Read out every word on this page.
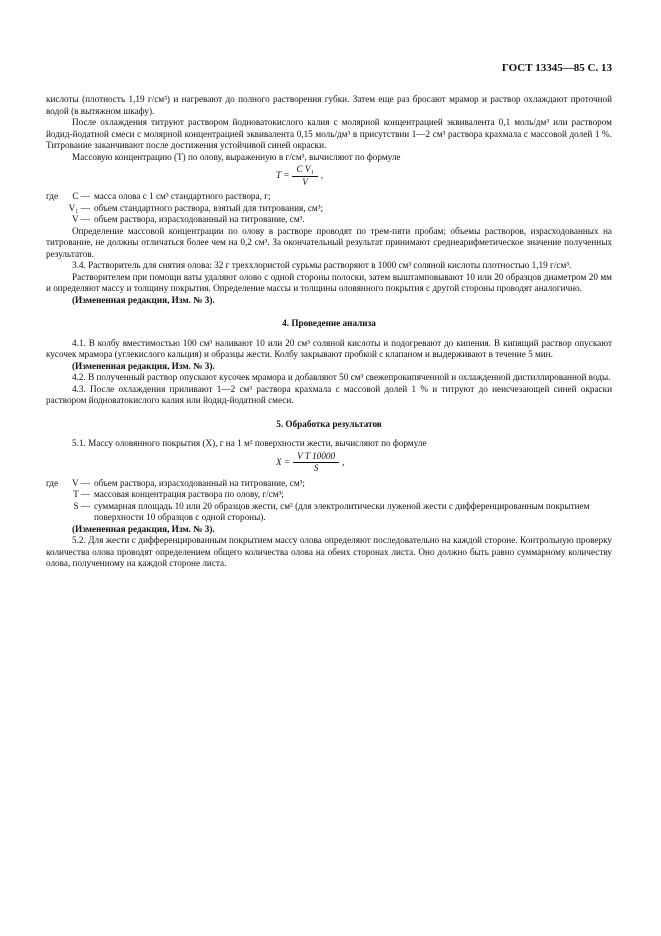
ГОСТ 13345—85 С. 13

кислоты (плотность 1,19 г/см³) и нагревают до полного растворения губки. Затем еще раз бросают мрамор и раствор охлаждают проточной водой (в вытяжном шкафу).

После охлаждения титруют раствором йодноватокислого калия с молярной концентрацией эквивалента 0,1 моль/дм³ или раствором йодид-йодатной смеси с молярной концентрацией эквивалента 0,15 моль/дм³ в присутствии 1—2 см³ раствора крахмала с массовой долей 1 %. Титрование заканчивают после достижения устойчивой синей окраски.

Массовую концентрацию (T) по олову, выраженную в г/см³, вычисляют по формуле

$T = \frac{\text{C V₁}}{V}$ ,
где	C — масса олова с 1 см³ стандартного раствора, г;
V₁ — объем стандартного раствора, взятый для титрования, см³;
V — объем раствора, израсходованный на титрование, см³.

Определение массовой концентрации по олову в растворе проводят по трем-пяти пробам; объемы растворов, израсходованных на титрование, не должны отличаться более чем на 0,2 см³. За окончательный результат принимают среднеарифметическое значение полученных результатов.

3.4. Растворитель для снятия олова: 32 г треххлористой сурьмы растворяют в 1000 см³ соляной кислоты плотностью 1,19 г/см³.

Растворителем при помощи ваты удаляют олово с одной стороны полоски, затем выштамповывают 10 или 20 образцов диаметром 20 мм и определяют массу и толщину покрытия. Определение массы и толщины оловянного покрытия с другой стороны проводят аналогично.

(Измененная редакция, Изм. № 3).

4. Проведение анализа

4.1. В колбу вместимостью 100 см³ наливают 10 или 20 см³ соляной кислоты и подогревают до кипения. В кипящий раствор опускают кусочек мрамора (углекислого кальция) и образцы жести. Колбу закрывают пробкой с клапаном и выдерживают в течение 5 мин.

(Измененная редакция, Изм. № 3).

4.2. В полученный раствор опускают кусочек мрамора и добавляют 50 см³ свежепрокипяченной и охлажденной дистиллированной воды.

4.3. После охлаждения приливают 1—2 см³ раствора крахмала с массовой долей 1 % и титруют до неисчезающей синей окраски раствором йодноватокислого калия или йодид-йодатной смеси.

5. Обработка результатов

5.1. Массу оловянного покрытия (X), г на 1 м² поверхности жести, вычисляют по формуле

$X = \frac{\text{V T 10000}}{S}$ ,
где	V — объем раствора, израсходованный на титрование, см³;
T — массовая концентрация раствора по олову, г/см³;
S — суммарная площадь 10 или 20 образцов жести, см² (для электролитически луженой жести с дифференцированным покрытием поверхности 10 образцов с одной стороны).

(Измененная редакция, Изм. № 3).

5.2. Для жести с дифференцированным покрытием массу олова определяют последовательно на каждой стороне. Контрольную проверку количества олова проводят определением общего количества олова на обеих сторонах листа. Оно должно быть равно суммарному количеству олова, полученному на каждой стороне листа.
